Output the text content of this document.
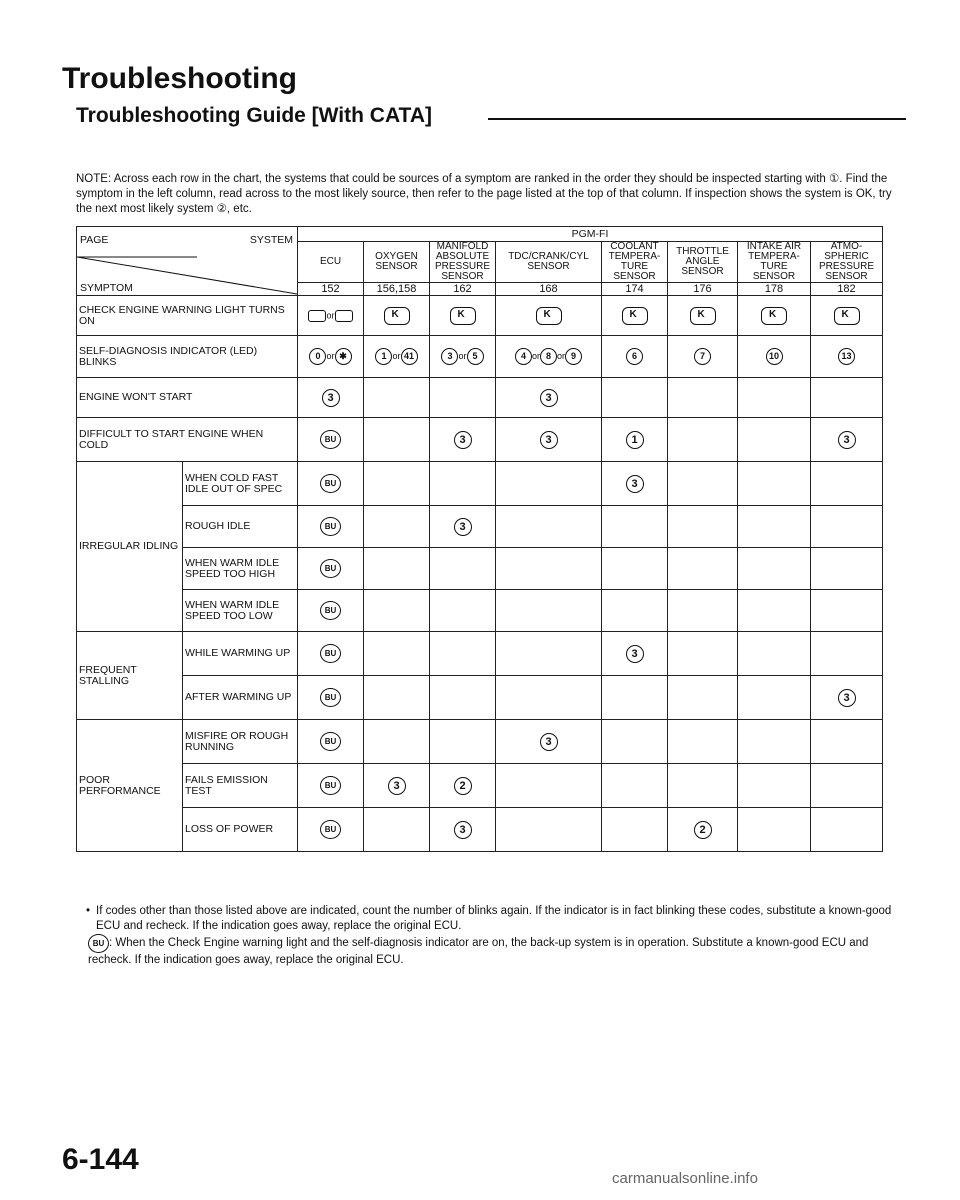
Troubleshooting
Troubleshooting Guide [With CATA]

NOTE: Across each row in the chart, the systems that could be sources of a symptom are ranked in the order they should be inspected starting with ①. Find the symptom in the left column, read across to the most likely source, then refer to the page listed at the top of that column. If inspection shows the system is OK, try the next most likely system ②, etc.

PAGE SYSTEM
SYMPTOM		PGM-FI							
		ECU	OXYGEN SENSOR	MANIFOLD ABSOLUTE PRESSURE SENSOR	TDC/CRANK/CYL SENSOR	COOLANT TEMPERA-TURE SENSOR	THROTTLE ANGLE SENSOR	INTAKE AIR TEMPERA-TURE SENSOR	ATMO-SPHERIC PRESSURE SENSOR
		152	156,158	162	168	174	176	178	182
CHECK ENGINE WARNING LIGHT TURNS ON		or	K	K	K	K	K	K	K
SELF-DIAGNOSIS INDICATOR (LED) BLINKS		0 or ✱	1 or 41	3 or 5	4 or 8 or 9	6	7	10	13
ENGINE WON'T START		3			3				
DIFFICULT TO START ENGINE WHEN COLD		BU		3	3	1			3
IRREGULAR IDLING	WHEN COLD FAST IDLE OUT OF SPEC	BU				3			
	ROUGH IDLE	BU		3					
	WHEN WARM IDLE SPEED TOO HIGH	BU							
	WHEN WARM IDLE SPEED TOO LOW	BU							
FREQUENT STALLING	WHILE WARMING UP	BU				3			
	AFTER WARMING UP	BU							3
POOR PERFORMANCE	MISFIRE OR ROUGH RUNNING	BU			3				
	FAILS EMISSION TEST	BU	3	2					
	LOSS OF POWER	BU		3			2		
• If codes other than those listed above are indicated, count the number of blinks again. If the indicator is in fact blinking these codes, substitute a known-good ECU and recheck. If the indication goes away, replace the original ECU.

BU : When the Check Engine warning light and the self-diagnosis indicator are on, the back-up system is in operation. Substitute a known-good ECU and recheck. If the indication goes away, replace the original ECU.

6-144
carmanualsonline.info
